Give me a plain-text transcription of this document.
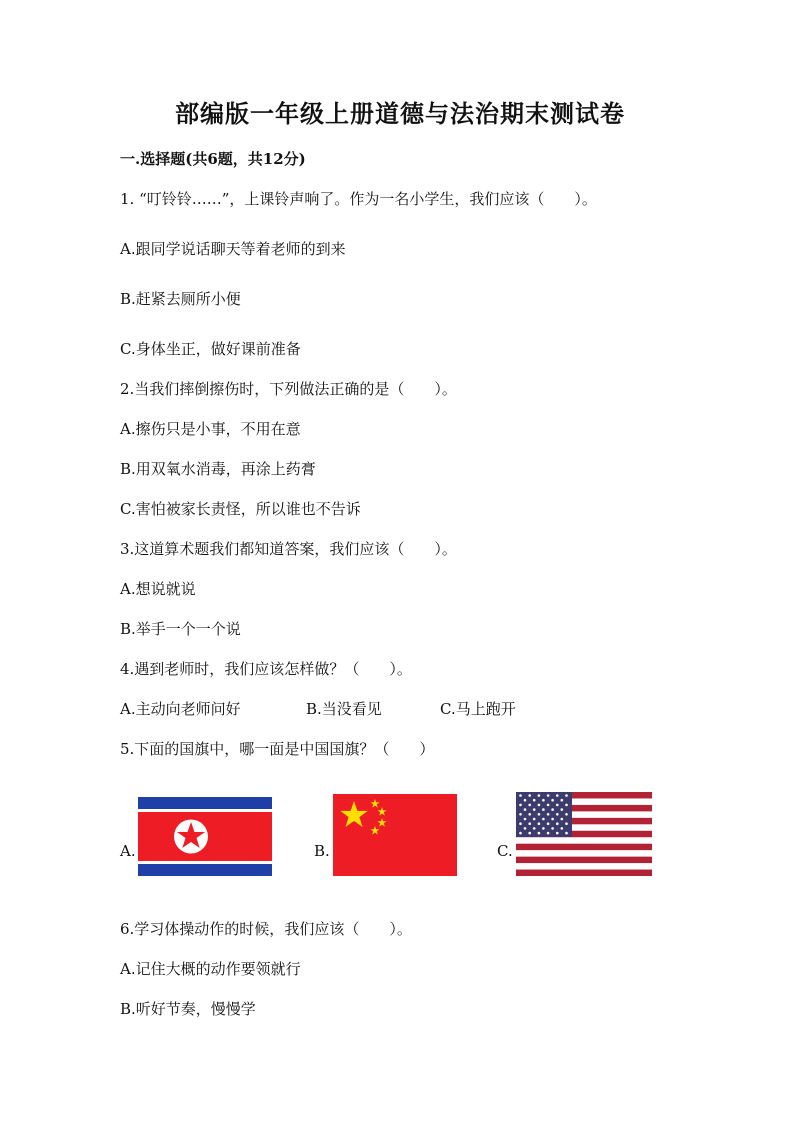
部编版一年级上册道德与法治期末测试卷
一.选择题(共6题，共12分)
1. “叮铃铃……”，上课铃声响了。作为一名小学生，我们应该（　　）。
A.跟同学说话聊天等着老师的到来
B.赶紧去厕所小便
C.身体坐正，做好课前准备
2.当我们摔倒擦伤时，下列做法正确的是（　　）。
A.擦伤只是小事，不用在意
B.用双氧水消毒，再涂上药膏
C.害怕被家长责怪，所以谁也不告诉
3.这道算术题我们都知道答案，我们应该（　　）。
A.想说就说
B.举手一个一个说
4.遇到老师时，我们应该怎样做？（　　）。
A.主动向老师问好	B.当没看见	C.马上跑开
5.下面的国旗中，哪一面是中国国旗？（　　）
A.	B.	C.
6.学习体操动作的时候，我们应该（　　）。
A.记住大概的动作要领就行
B.听好节奏，慢慢学
